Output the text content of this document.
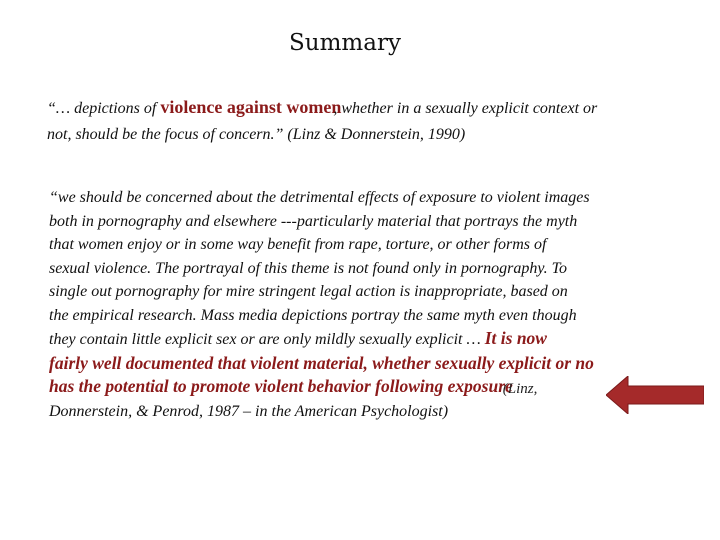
Summary
“… depictions of violence against women, whether in a sexually explicit context or
not, should be the focus of concern.” (Linz & Donnerstein, 1990)
“we should be concerned about the detrimental effects of exposure to violent images
both in pornography and elsewhere ---particularly material that portrays the myth
that women enjoy or in some way benefit from rape, torture, or other forms of
sexual violence. The portrayal of this theme is not found only in pornography. To
single out pornography for mire stringent legal action is inappropriate, based on
the empirical research. Mass media depictions portray the same myth even though
they contain little explicit sex or are only mildly sexually explicit … It is now
fairly well documented that violent material, whether sexually explicit or no
has the potential to promote violent behavior following exposure
(Linz,
Donnerstein, & Penrod, 1987 – in the American Psychologist)
